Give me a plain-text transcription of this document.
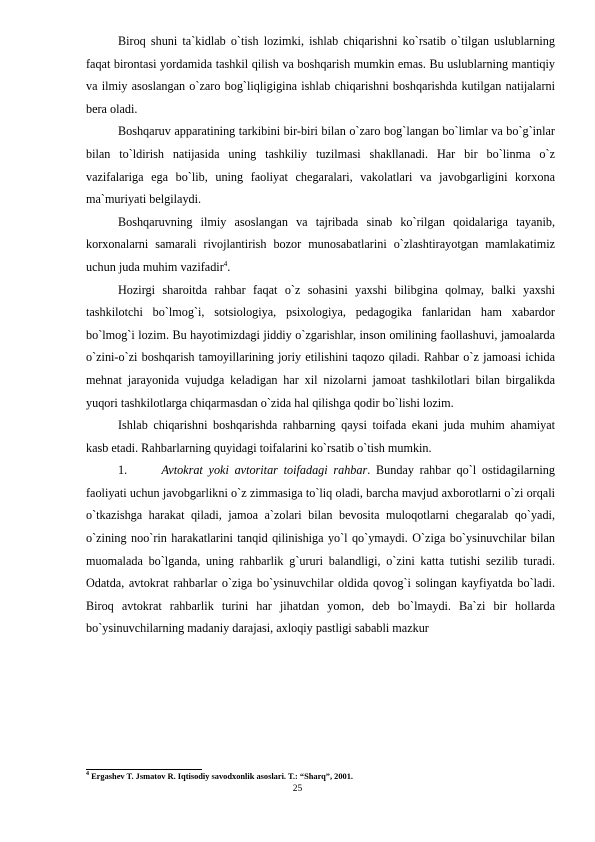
Biroq shuni ta`kidlab o`tish lozimki, ishlab chiqarishni ko`rsatib o`tilgan uslublarning faqat birontasi yordamida tashkil qilish va boshqarish mumkin emas. Bu uslublarning mantiqiy va ilmiy asoslangan o`zaro bog`liqligigina ishlab chiqarishni boshqarishda kutilgan natijalarni bera oladi.

Boshqaruv apparatining tarkibini bir-biri bilan o`zaro bog`langan bo`limlar va bo`g`inlar bilan to`ldirish natijasida uning tashkiliy tuzilmasi shakllanadi. Har bir bo`linma o`z vazifalariga ega bo`lib, uning faoliyat chegaralari, vakolatlari va javobgarligini korxona ma`muriyati belgilaydi.

Boshqaruvning ilmiy asoslangan va tajribada sinab ko`rilgan qoidalariga tayanib, korxonalarni samarali rivojlantirish bozor munosabatlarini o`zlashtirayotgan mamlakatimiz uchun juda muhim vazifadir$^4$.

Hozirgi sharoitda rahbar faqat o`z sohasini yaxshi bilibgina qolmay, balki yaxshi tashkilotchi bo`lmog`i, sotsiologiya, psixologiya, pedagogika fanlaridan ham xabardor bo`lmog`i lozim. Bu hayotimizdagi jiddiy o`zgarishlar, inson omilining faollashuvi, jamoalarda o`zini-o`zi boshqarish tamoyillarining joriy etilishini taqozo qiladi. Rahbar o`z jamoasi ichida mehnat jarayonida vujudga keladigan har xil nizolarni jamoat tashkilotlari bilan birgalikda yuqori tashkilotlarga chiqarmasdan o`zida hal qilishga qodir bo`lishi lozim.

Ishlab chiqarishni boshqarishda rahbarning qaysi toifada ekani juda muhim ahamiyat kasb etadi. Rahbarlarning quyidagi toifalarini ko`rsatib o`tish mumkin.

1.	Avtokrat yoki avtoritar toifadagi rahbar. Bunday rahbar qo`l ostidagilarning faoliyati uchun javobgarlikni o`z zimmasiga to`liq oladi, barcha mavjud axborotlarni o`zi orqali o`tkazishga harakat qiladi, jamoa a`zolari bilan bevosita muloqotlarni chegaralab qo`yadi, o`zining noo`rin harakatlarini tanqid qilinishiga yo`l qo`ymaydi. O`ziga bo`ysinuvchilar bilan muomalada bo`lganda, uning rahbarlik g`ururi balandligi, o`zini katta tutishi sezilib turadi. Odatda, avtokrat rahbarlar o`ziga bo`ysinuvchilar oldida qovog`i solingan kayfiyatda bo`ladi. Biroq avtokrat rahbarlik turini har jihatdan yomon, deb bo`lmaydi. Ba`zi bir hollarda bo`ysinuvchilarning madaniy darajasi, axloqiy pastligi sababli mazkur

$^4$ Ergashev T. Jsmatov R. Iqtisodiy savodxonlik asoslari. T.: “Sharq”, 2001.
25
